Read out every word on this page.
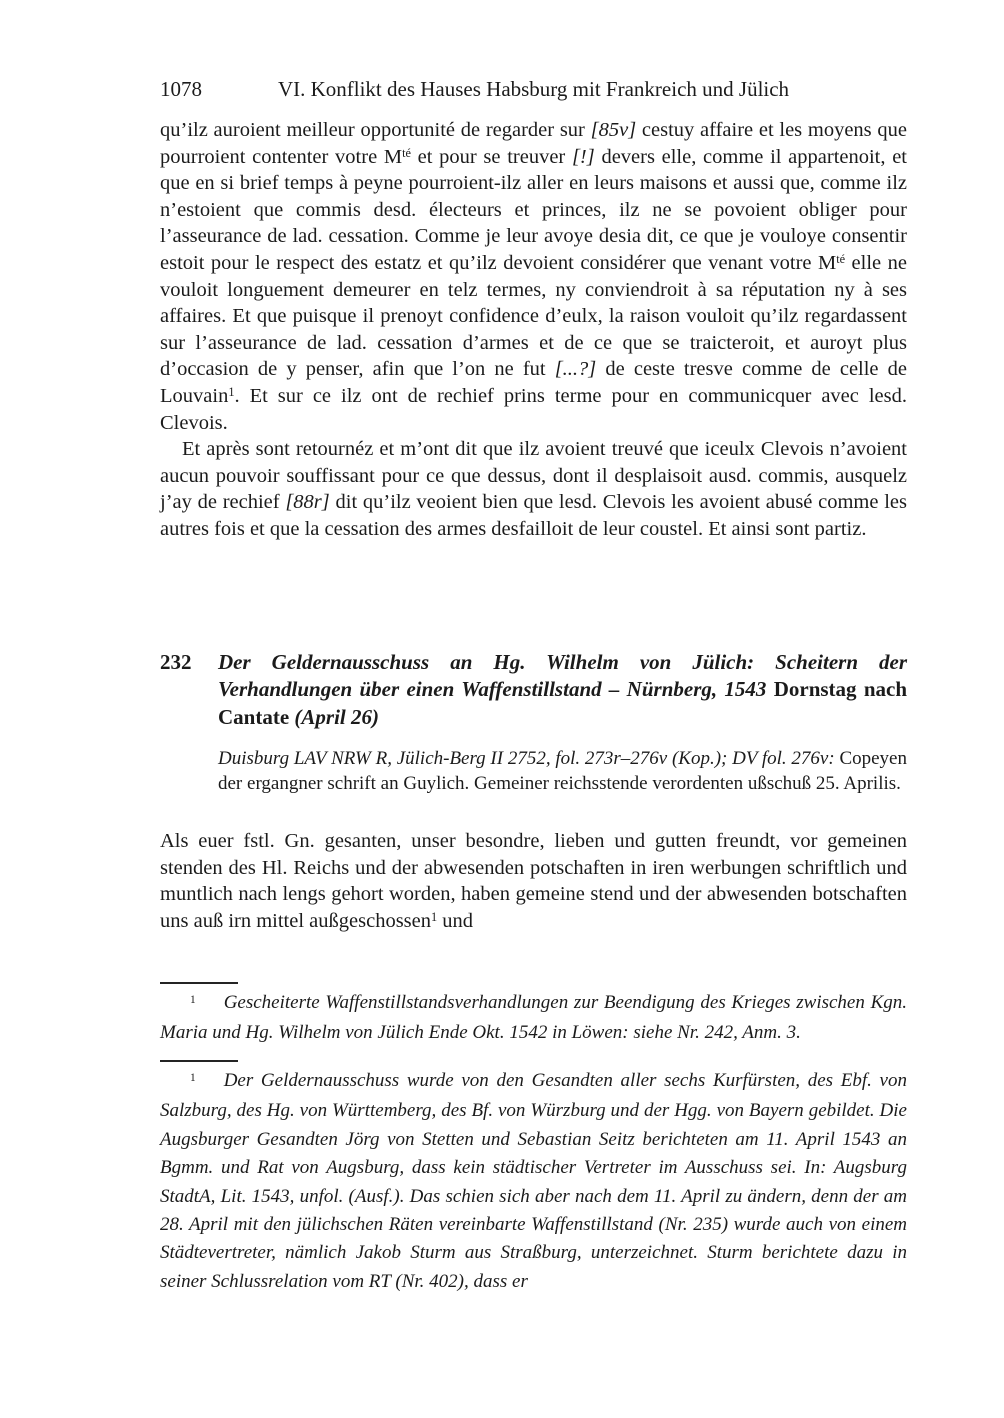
1078	VI. Konflikt des Hauses Habsburg mit Frankreich und Jülich

qu’ilz auroient meilleur opportunité de regarder sur [85v] cestuy affaire et les moyens que pourroient contenter votre $M^{té}$ et pour se treuver [!] devers elle, comme il appartenoit, et que en si brief temps à peyne pourroient-ilz aller en leurs maisons et aussi que, comme ilz n’estoient que commis desd. électeurs et princes, ilz ne se povoient obliger pour l’asseurance de lad. cessation. Comme je leur avoye desia dit, ce que je vouloye consentir estoit pour le respect des estatz et qu’ilz devoient considérer que venant votre $M^{té}$ elle ne vouloit longuement demeurer en telz termes, ny conviendroit à sa réputation ny à ses affaires. Et que puisque il prenoyt confidence d’eulx, la raison vouloit qu’ilz regardassent sur l’asseurance de lad. cessation d’armes et de ce que se traicteroit, et auroyt plus d’occasion de y penser, afin que l’on ne fut [...?] de ceste tresve comme de celle de Louvain$^1$. Et sur ce ilz ont de rechief prins terme pour en communicquer avec lesd. Clevois.

Et après sont retournéz et m’ont dit que ilz avoient treuvé que iceulx Clevois n’avoient aucun pouvoir souffissant pour ce que dessus, dont il desplaisoit ausd. commis, ausquelz j’ay de rechief [88r] dit qu’ilz veoient bien que lesd. Clevois les avoient abusé comme les autres fois et que la cessation des armes desfailloit de leur coustel. Et ainsi sont partiz.

232 Der Geldernausschuss an Hg. Wilhelm von Jülich: Scheitern der Verhandlungen über einen Waffenstillstand – Nürnberg, 1543 Dornstag nach Cantate (April 26)
Duisburg LAV NRW R, Jülich-Berg II 2752, fol. 273r–276v (Kop.); DV fol. 276v: Copeyen der ergangner schrift an Guylich. Gemeiner reichsstende verordenten ußschuß 25. Aprilis.
Als euer fstl. Gn. gesanten, unser besondre, lieben und gutten freundt, vor gemeinen stenden des Hl. Reichs und der abwesenden potschaften in iren werbungen schriftlich und muntlich nach lengs gehort worden, haben gemeine stend und der abwesenden botschaften uns auß irn mittel außgeschossen$^1$ und

$^1$ Gescheiterte Waffenstillstandsverhandlungen zur Beendigung des Krieges zwischen Kgn. Maria und Hg. Wilhelm von Jülich Ende Okt. 1542 in Löwen: siehe Nr. 242, Anm. 3.

$^1$ Der Geldernausschuss wurde von den Gesandten aller sechs Kurfürsten, des Ebf. von Salzburg, des Hg. von Württemberg, des Bf. von Würzburg und der Hgg. von Bayern gebildet. Die Augsburger Gesandten Jörg von Stetten und Sebastian Seitz berichteten am 11. April 1543 an Bgmm. und Rat von Augsburg, dass kein städtischer Vertreter im Ausschuss sei. In: Augsburg StadtA, Lit. 1543, unfol. (Ausf.). Das schien sich aber nach dem 11. April zu ändern, denn der am 28. April mit den jülichschen Räten vereinbarte Waffenstillstand (Nr. 235) wurde auch von einem Städtevertreter, nämlich Jakob Sturm aus Straßburg, unterzeichnet. Sturm berichtete dazu in seiner Schlussrelation vom RT (Nr. 402), dass er
